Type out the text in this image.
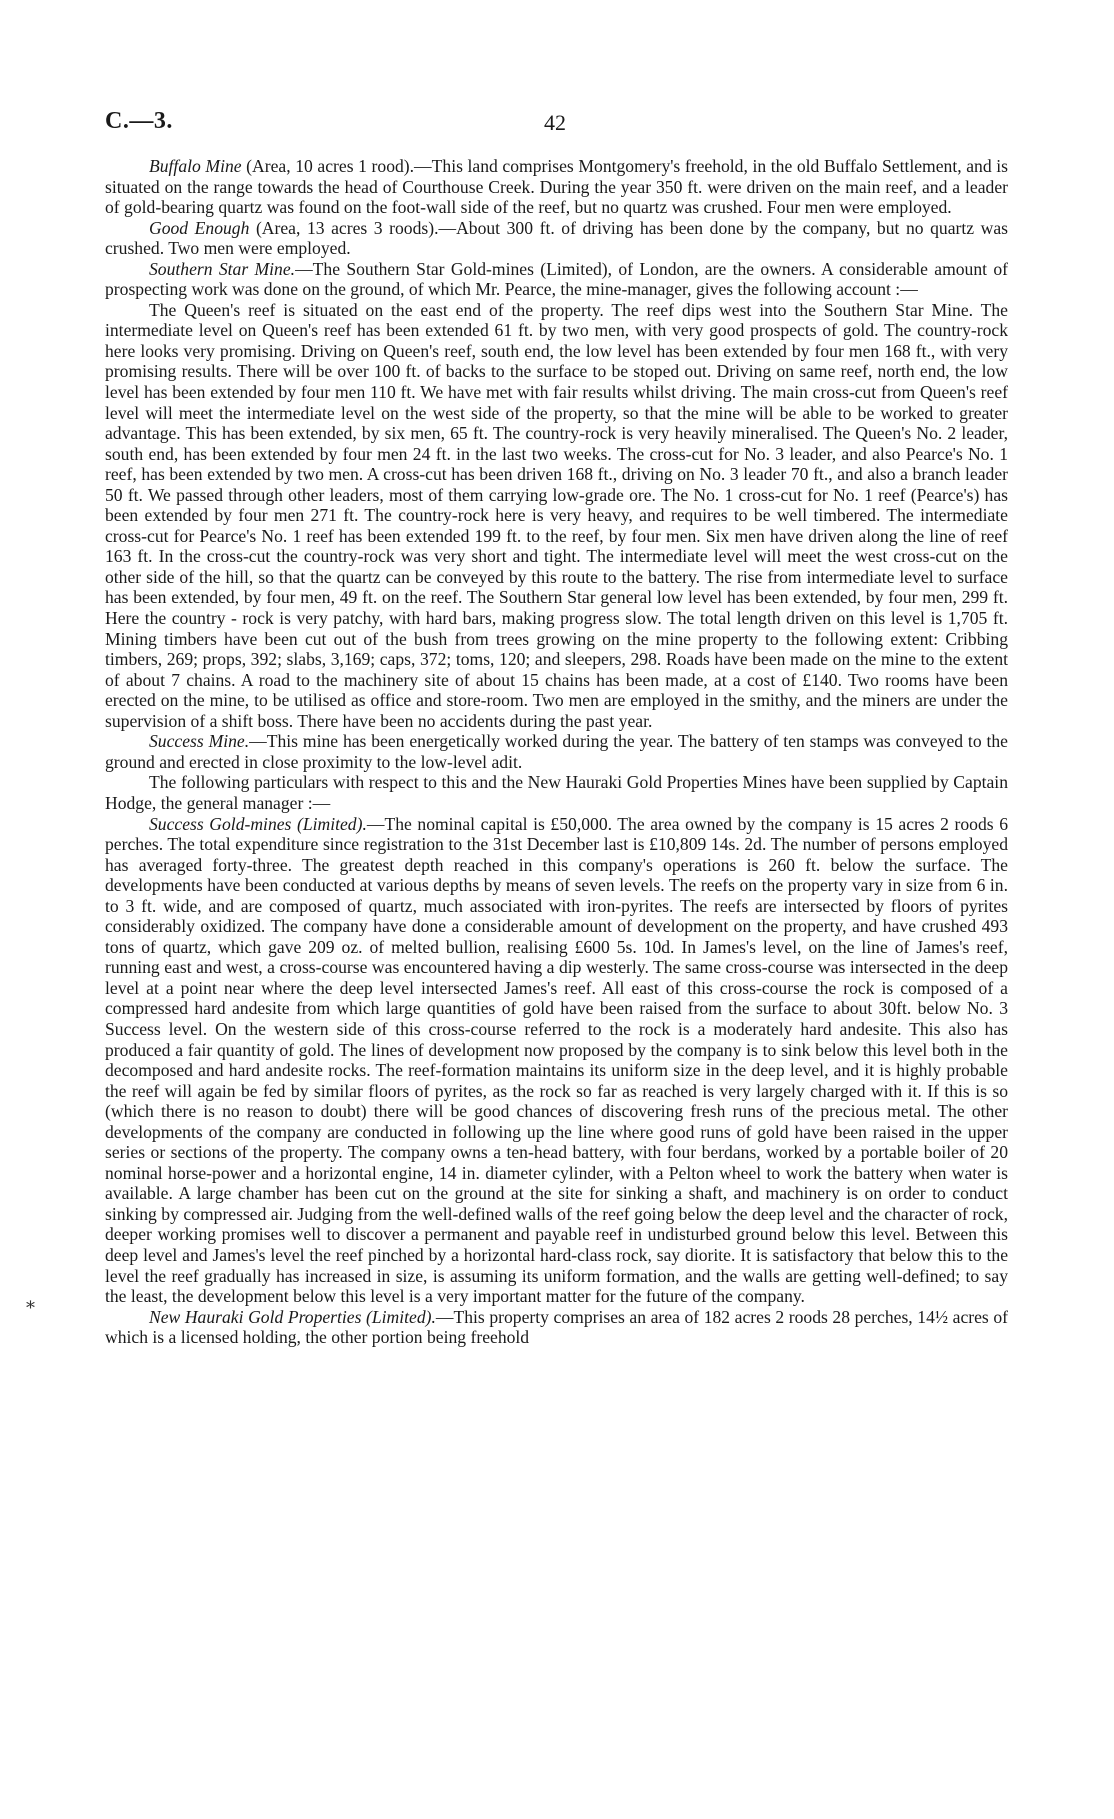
C.—3.	42

Buffalo Mine (Area, 10 acres 1 rood).—This land comprises Montgomery's freehold, in the old Buffalo Settlement, and is situated on the range towards the head of Courthouse Creek. During the year 350 ft. were driven on the main reef, and a leader of gold-bearing quartz was found on the foot-wall side of the reef, but no quartz was crushed. Four men were employed.

Good Enough (Area, 13 acres 3 roods).—About 300 ft. of driving has been done by the company, but no quartz was crushed. Two men were employed.

Southern Star Mine.—The Southern Star Gold-mines (Limited), of London, are the owners. A considerable amount of prospecting work was done on the ground, of which Mr. Pearce, the mine-manager, gives the following account :—

The Queen's reef is situated on the east end of the property. The reef dips west into the Southern Star Mine. The intermediate level on Queen's reef has been extended 61 ft. by two men, with very good prospects of gold. The country-rock here looks very promising. Driving on Queen's reef, south end, the low level has been extended by four men 168 ft., with very promising results. There will be over 100 ft. of backs to the surface to be stoped out. Driving on same reef, north end, the low level has been extended by four men 110 ft. We have met with fair results whilst driving. The main cross-cut from Queen's reef level will meet the intermediate level on the west side of the property, so that the mine will be able to be worked to greater advantage. This has been extended, by six men, 65 ft. The country-rock is very heavily mineralised. The Queen's No. 2 leader, south end, has been extended by four men 24 ft. in the last two weeks. The cross-cut for No. 3 leader, and also Pearce's No. 1 reef, has been extended by two men. A cross-cut has been driven 168 ft., driving on No. 3 leader 70 ft., and also a branch leader 50 ft. We passed through other leaders, most of them carrying low-grade ore. The No. 1 cross-cut for No. 1 reef (Pearce's) has been extended by four men 271 ft. The country-rock here is very heavy, and requires to be well timbered. The intermediate cross-cut for Pearce's No. 1 reef has been extended 199 ft. to the reef, by four men. Six men have driven along the line of reef 163 ft. In the cross-cut the country-rock was very short and tight. The intermediate level will meet the west cross-cut on the other side of the hill, so that the quartz can be conveyed by this route to the battery. The rise from intermediate level to surface has been extended, by four men, 49 ft. on the reef. The Southern Star general low level has been extended, by four men, 299 ft. Here the country - rock is very patchy, with hard bars, making progress slow. The total length driven on this level is 1,705 ft. Mining timbers have been cut out of the bush from trees growing on the mine property to the following extent: Cribbing timbers, 269; props, 392; slabs, 3,169; caps, 372; toms, 120; and sleepers, 298. Roads have been made on the mine to the extent of about 7 chains. A road to the machinery site of about 15 chains has been made, at a cost of £140. Two rooms have been erected on the mine, to be utilised as office and store-room. Two men are employed in the smithy, and the miners are under the supervision of a shift boss. There have been no accidents during the past year.

Success Mine.—This mine has been energetically worked during the year. The battery of ten stamps was conveyed to the ground and erected in close proximity to the low-level adit.

The following particulars with respect to this and the New Hauraki Gold Properties Mines have been supplied by Captain Hodge, the general manager :—

Success Gold-mines (Limited).—The nominal capital is £50,000. The area owned by the company is 15 acres 2 roods 6 perches. The total expenditure since registration to the 31st December last is £10,809 14s. 2d. The number of persons employed has averaged forty-three. The greatest depth reached in this company's operations is 260 ft. below the surface. The developments have been conducted at various depths by means of seven levels. The reefs on the property vary in size from 6 in. to 3 ft. wide, and are composed of quartz, much associated with iron-pyrites. The reefs are intersected by floors of pyrites considerably oxidized. The company have done a considerable amount of development on the property, and have crushed 493 tons of quartz, which gave 209 oz. of melted bullion, realising £600 5s. 10d. In James's level, on the line of James's reef, running east and west, a cross-course was encountered having a dip westerly. The same cross-course was intersected in the deep level at a point near where the deep level intersected James's reef. All east of this cross-course the rock is composed of a compressed hard andesite from which large quantities of gold have been raised from the surface to about 30ft. below No. 3 Success level. On the western side of this cross-course referred to the rock is a moderately hard andesite. This also has produced a fair quantity of gold. The lines of development now proposed by the company is to sink below this level both in the decomposed and hard andesite rocks. The reef-formation maintains its uniform size in the deep level, and it is highly probable the reef will again be fed by similar floors of pyrites, as the rock so far as reached is very largely charged with it. If this is so (which there is no reason to doubt) there will be good chances of discovering fresh runs of the precious metal. The other developments of the company are conducted in following up the line where good runs of gold have been raised in the upper series or sections of the property. The company owns a ten-head battery, with four berdans, worked by a portable boiler of 20 nominal horse-power and a horizontal engine, 14 in. diameter cylinder, with a Pelton wheel to work the battery when water is available. A large chamber has been cut on the ground at the site for sinking a shaft, and machinery is on order to conduct sinking by compressed air. Judging from the well-defined walls of the reef going below the deep level and the character of rock, deeper working promises well to discover a permanent and payable reef in undisturbed ground below this level. Between this deep level and James's level the reef pinched by a horizontal hard-class rock, say diorite. It is satisfactory that below this to the level the reef gradually has increased in size, is assuming its uniform formation, and the walls are getting well-defined; to say the least, the development below this level is a very important matter for the future of the company.

New Hauraki Gold Properties (Limited).—This property comprises an area of 182 acres 2 roods 28 perches, 14½ acres of which is a licensed holding, the other portion being freehold

⁎
